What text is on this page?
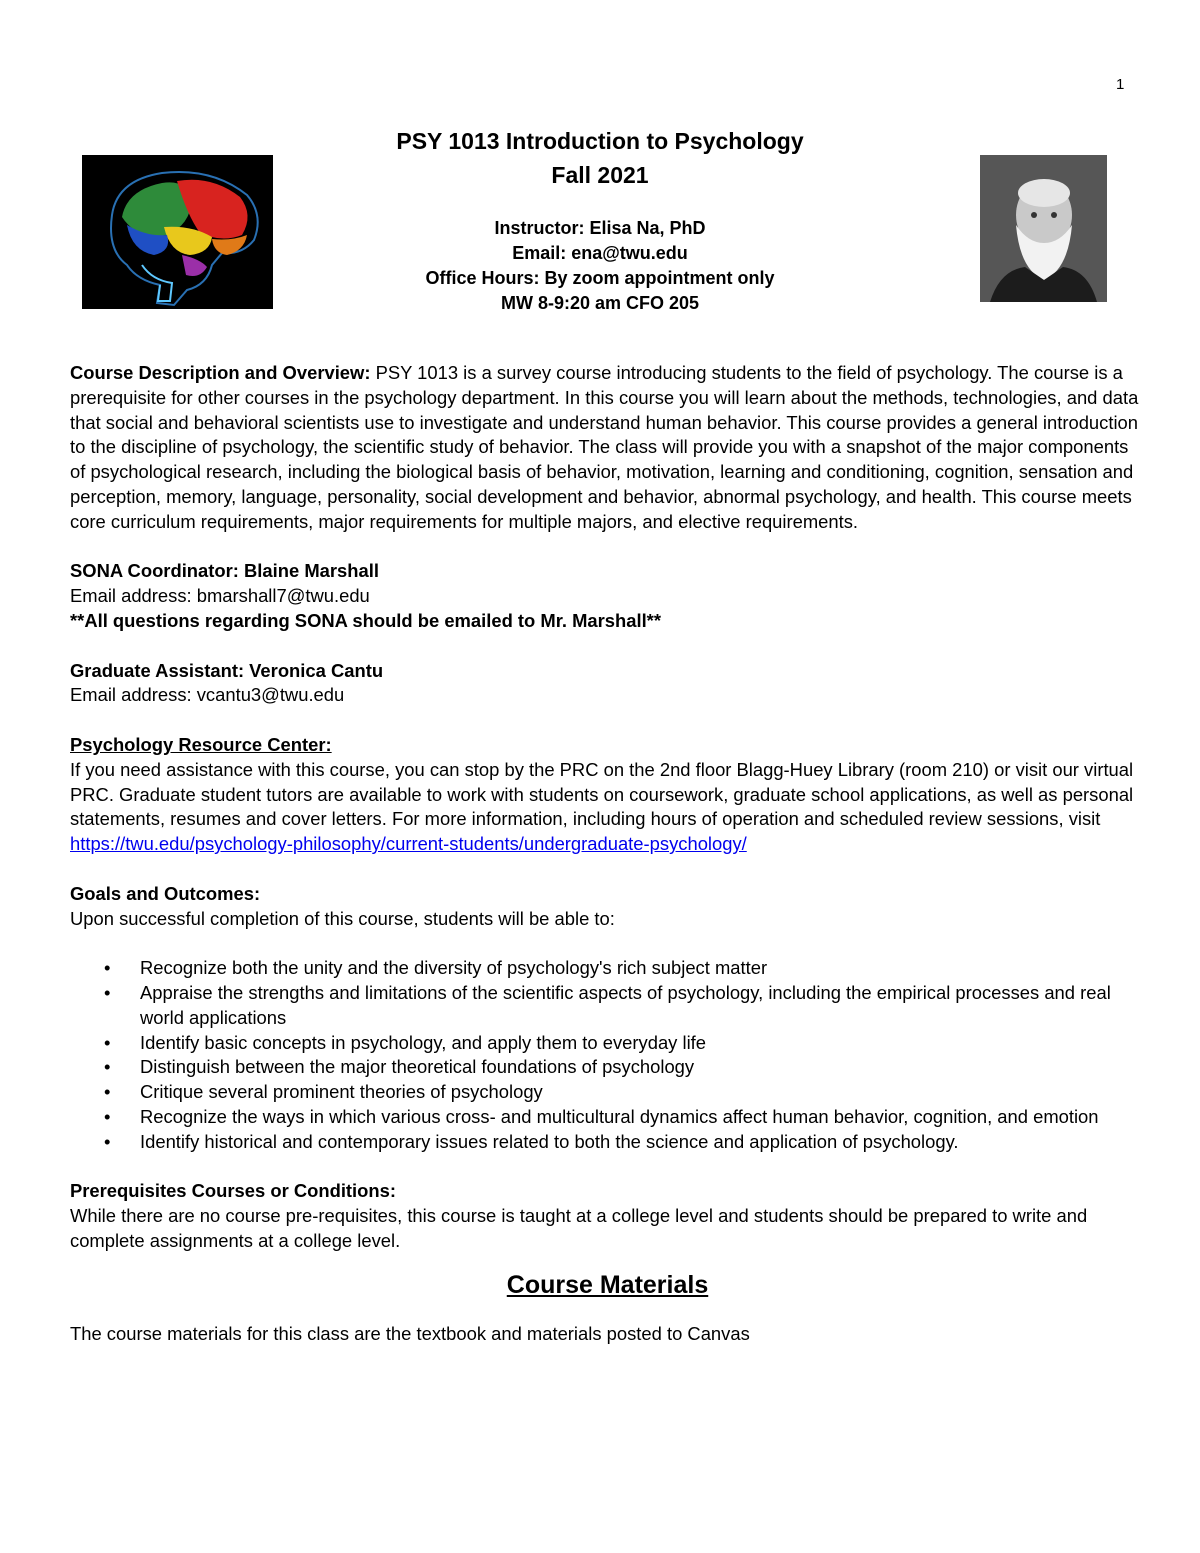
1
PSY 1013 Introduction to Psychology
Fall 2021
Instructor: Elisa Na, PhD
Email: ena@twu.edu
Office Hours: By zoom appointment only
MW 8-9:20 am CFO 205

Course Description and Overview: PSY 1013 is a survey course introducing students to the field of psychology. The course is a prerequisite for other courses in the psychology department. In this course you will learn about the methods, technologies, and data that social and behavioral scientists use to investigate and understand human behavior. This course provides a general introduction to the discipline of psychology, the scientific study of behavior. The class will provide you with a snapshot of the major components of psychological research, including the biological basis of behavior, motivation, learning and conditioning, cognition, sensation and perception, memory, language, personality, social development and behavior, abnormal psychology, and health. This course meets core curriculum requirements, major requirements for multiple majors, and elective requirements.

SONA Coordinator: Blaine Marshall

Email address: bmarshall7@twu.edu

**All questions regarding SONA should be emailed to Mr. Marshall**

Graduate Assistant: Veronica Cantu

Email address: vcantu3@twu.edu

Psychology Resource Center:

If you need assistance with this course, you can stop by the PRC on the 2nd floor Blagg-Huey Library (room 210) or visit our virtual PRC. Graduate student tutors are available to work with students on coursework, graduate school applications, as well as personal statements, resumes and cover letters. For more information, including hours of operation and scheduled review sessions, visit https://twu.edu/psychology-philosophy/current-students/undergraduate-psychology/

Goals and Outcomes:

Upon successful completion of this course, students will be able to:

• Recognize both the unity and the diversity of psychology's rich subject matter
• Appraise the strengths and limitations of the scientific aspects of psychology, including the empirical processes and real world applications
• Identify basic concepts in psychology, and apply them to everyday life
• Distinguish between the major theoretical foundations of psychology
• Critique several prominent theories of psychology
• Recognize the ways in which various cross- and multicultural dynamics affect human behavior, cognition, and emotion
• Identify historical and contemporary issues related to both the science and application of psychology.

Prerequisites Courses or Conditions:

While there are no course pre-requisites, this course is taught at a college level and students should be prepared to write and complete assignments at a college level.

Course Materials

The course materials for this class are the textbook and materials posted to Canvas
